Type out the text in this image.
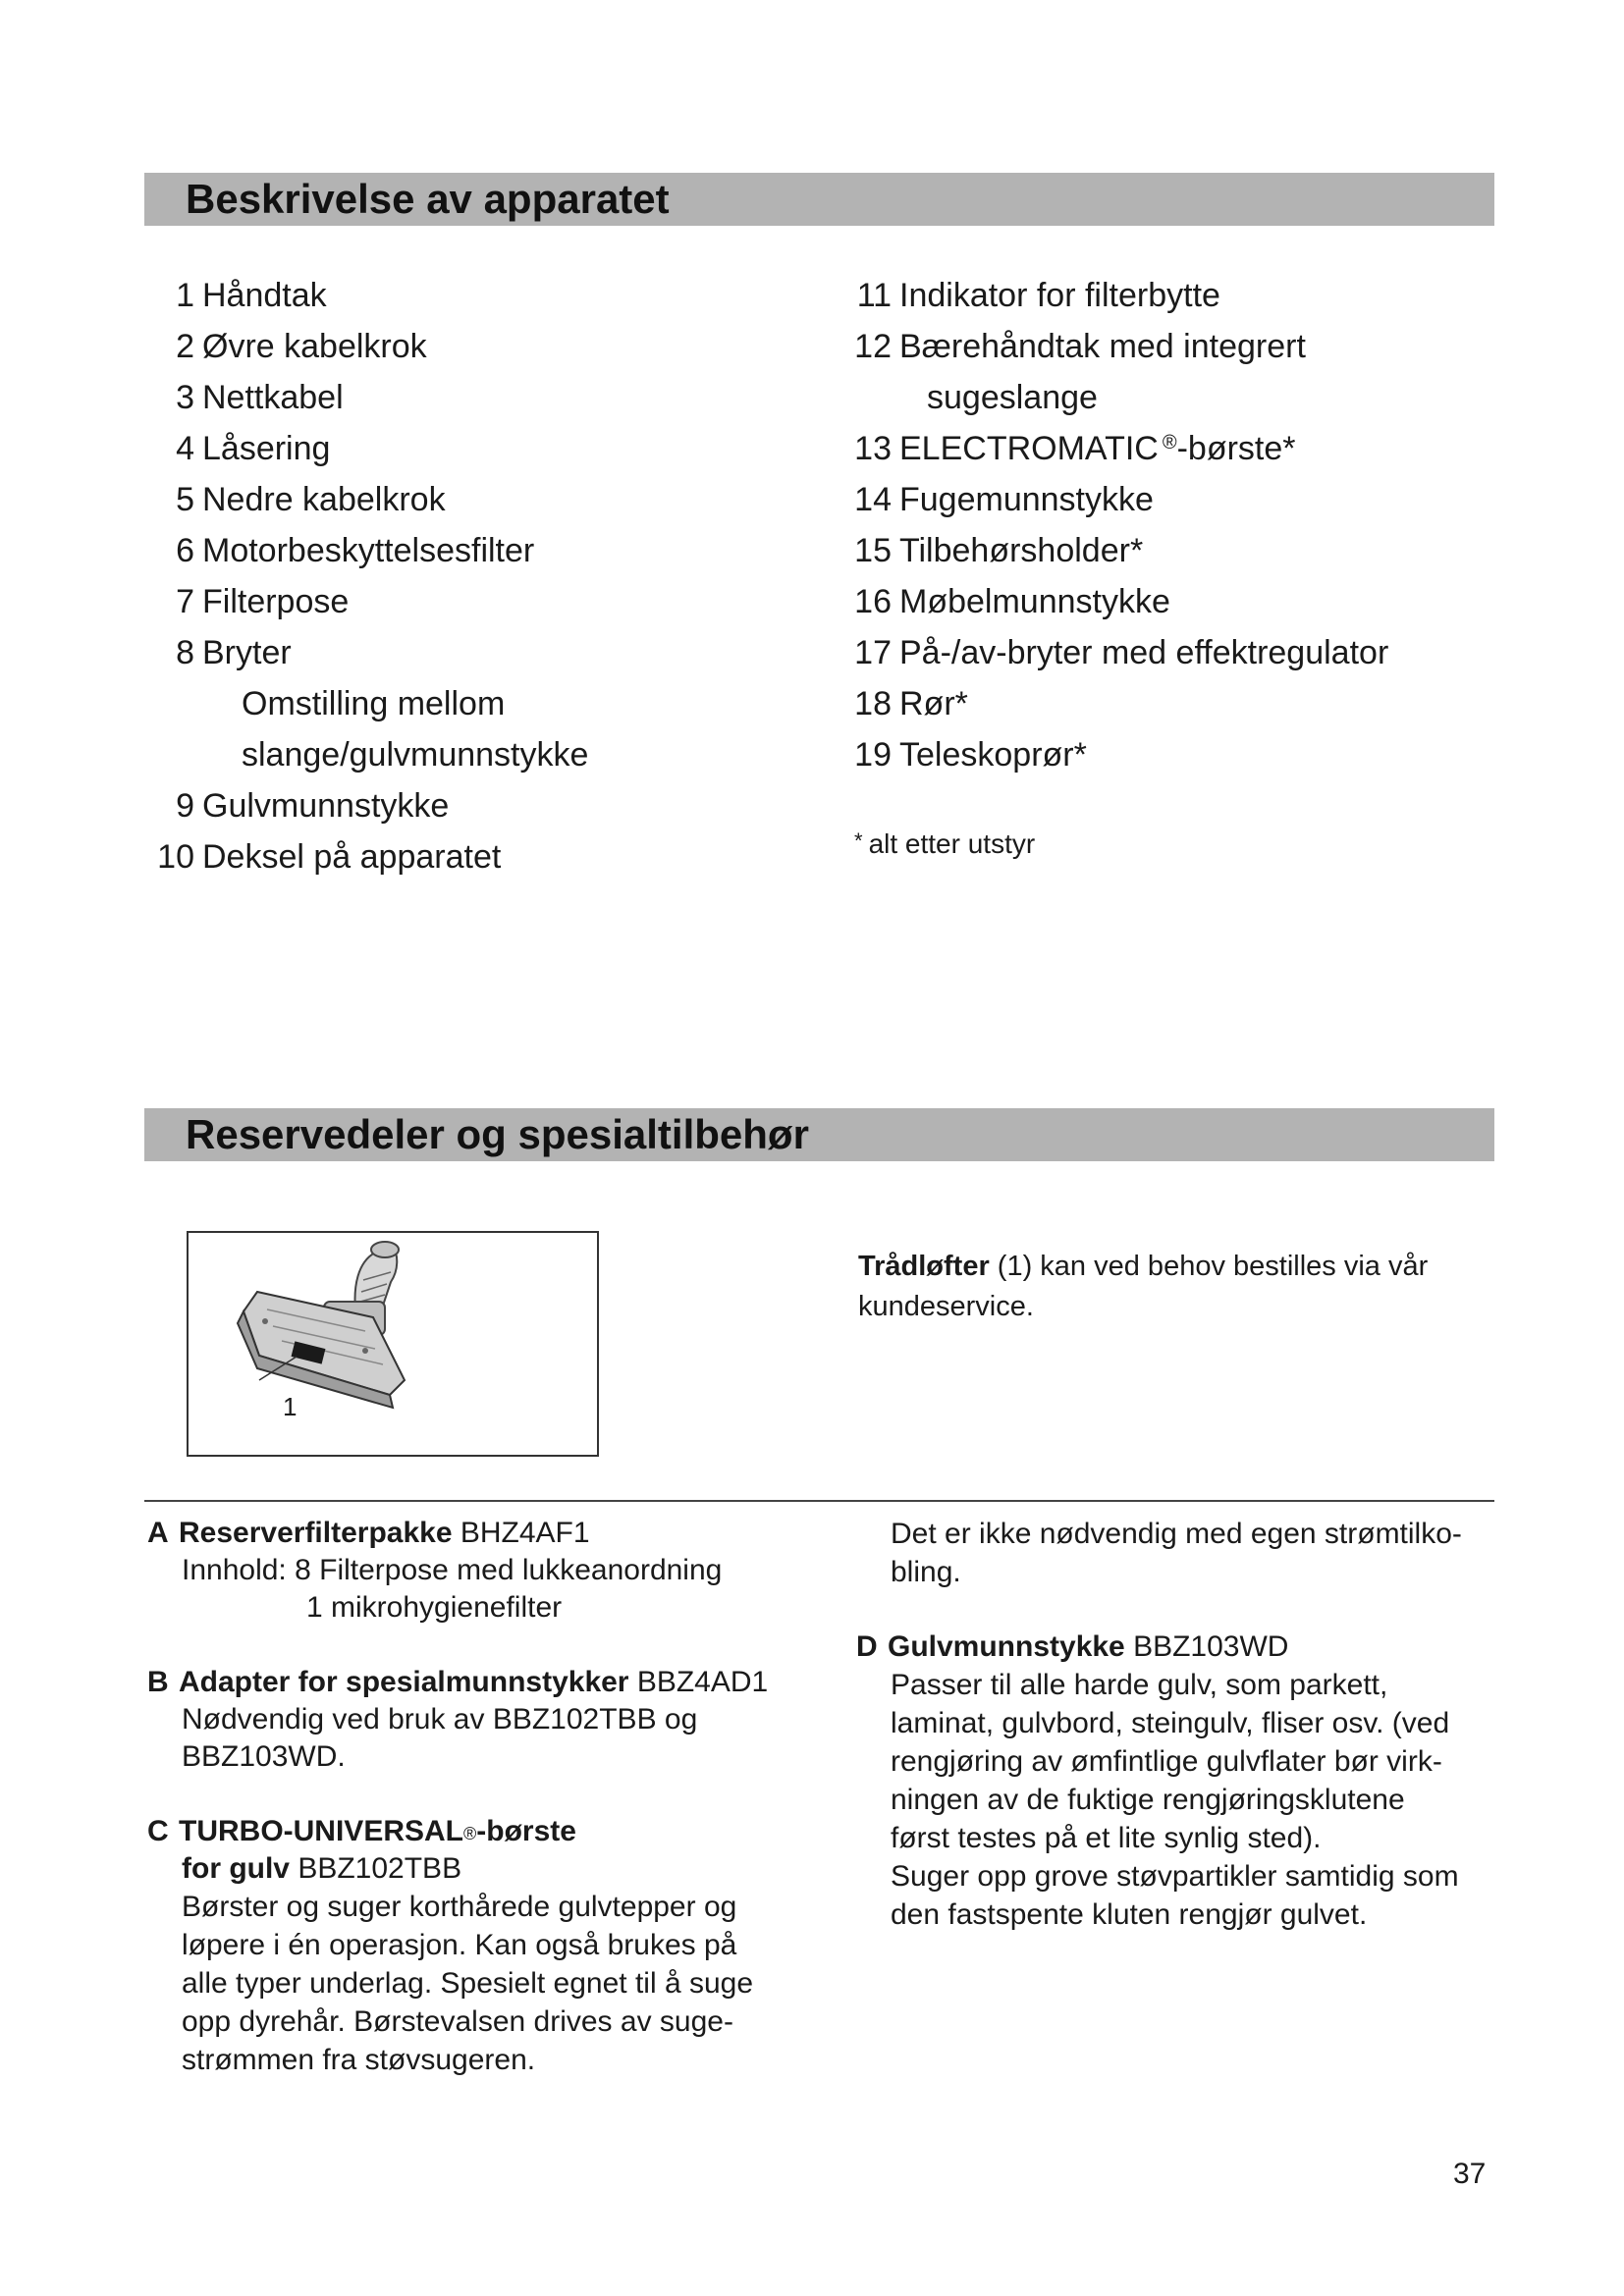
Beskrivelse av apparatet
1 Håndtak
2 Øvre kabelkrok
3 Nettkabel
4 Låsering
5 Nedre kabelkrok
6 Motorbeskyttelsesfilter
7 Filterpose
8 Bryter
Omstilling mellom
slange/gulvmunnstykke
9 Gulvmunnstykke
10 Deksel på apparatet
11 Indikator for filterbytte
12 Bærehåndtak med integrert
sugeslange
13 ELECTROMATIC ®-børste*
14 Fugemunnstykke
15 Tilbehørsholder*
16 Møbelmunnstykke
17 På-/av-bryter med effektregulator
18 Rør*
19 Teleskoprør*
* alt etter utstyr
Reservedeler og spesialtilbehør
1
Trådløfter (1) kan ved behov bestilles via vår kundeservice.
A Reserverfilterpakke BHZ4AF1
Innhold: 8 Filterpose med lukkeanordning
1 mikrohygienefilter
B Adapter for spesialmunnstykker BBZ4AD1
Nødvendig ved bruk av BBZ102TBB og
BBZ103WD.
C TURBO-UNIVERSAL®-børste
for gulv BBZ102TBB
Børster og suger korthårede gulvtepper og
løpere i én operasjon. Kan også brukes på
alle typer underlag. Spesielt egnet til å suge
opp dyrehår. Børstevalsen drives av suge-
strømmen fra støvsugeren.
Det er ikke nødvendig med egen strømtilko-
bling.
D Gulvmunnstykke BBZ103WD
Passer til alle harde gulv, som parkett,
laminat, gulvbord, steingulv, fliser osv. (ved
rengjøring av ømfintlige gulvflater bør virk-
ningen av de fuktige rengjøringsklutene
først testes på et lite synlig sted).
Suger opp grove støvpartikler samtidig som
den fastspente kluten rengjør gulvet.
37
